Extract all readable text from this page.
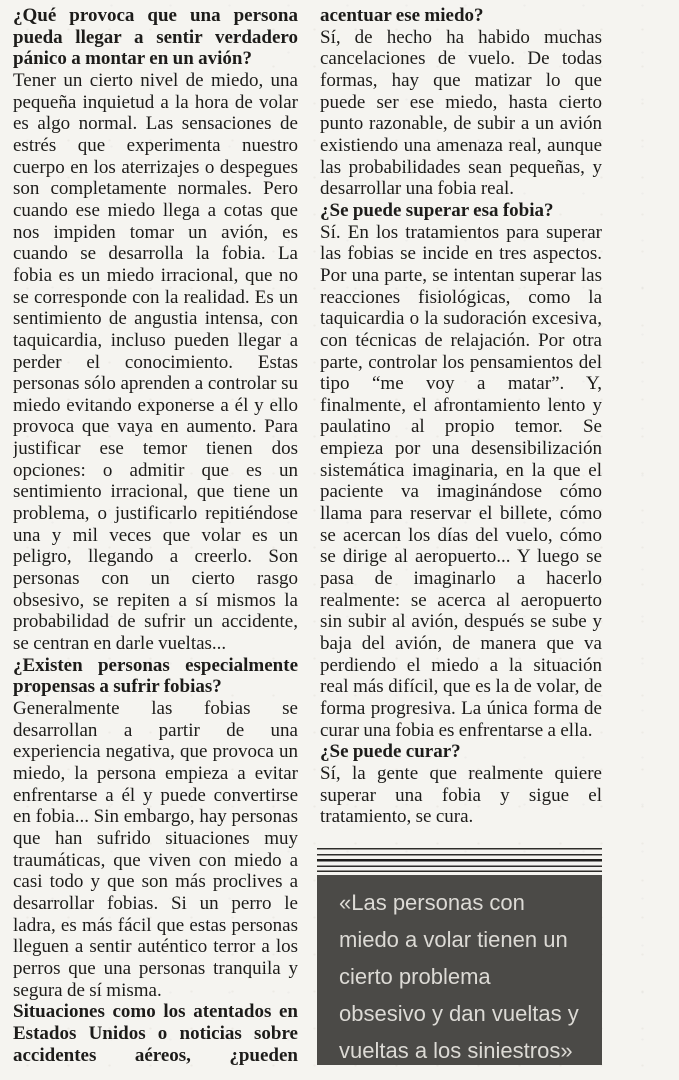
¿Qué provoca que una persona pueda llegar a sentir verdadero pánico a montar en un avión?

Tener un cierto nivel de miedo, una pequeña inquietud a la hora de volar es algo normal. Las sensaciones de estrés que experimenta nuestro cuerpo en los aterrizajes o despegues son completamente normales. Pero cuando ese miedo llega a cotas que nos impiden tomar un avión, es cuando se desarrolla la fobia. La fobia es un miedo irracional, que no se corresponde con la realidad. Es un sentimiento de angustia intensa, con taquicardia, incluso pueden llegar a perder el conocimiento. Estas personas sólo aprenden a controlar su miedo evitando exponerse a él y ello provoca que vaya en aumento. Para justificar ese temor tienen dos opciones: o admitir que es un sentimiento irracional, que tiene un problema, o justificarlo repitiéndose una y mil veces que volar es un peligro, llegando a creerlo. Son personas con un cierto rasgo obsesivo, se repiten a sí mismos la probabilidad de sufrir un accidente, se centran en darle vueltas...

¿Existen personas especialmente propensas a sufrir fobias?

Generalmente las fobias se desarrollan a partir de una experiencia negativa, que provoca un miedo, la persona empieza a evitar enfrentarse a él y puede convertirse en fobia... Sin embargo, hay personas que han sufrido situaciones muy traumáticas, que viven con miedo a casi todo y que son más proclives a desarrollar fobias. Si un perro le ladra, es más fácil que estas personas lleguen a sentir auténtico terror a los perros que una personas tranquila y segura de sí misma.

Situaciones como los atentados en Estados Unidos o noticias sobre accidentes aéreos, ¿pueden

acentuar ese miedo?

Sí, de hecho ha habido muchas cancelaciones de vuelo. De todas formas, hay que matizar lo que puede ser ese miedo, hasta cierto punto razonable, de subir a un avión existiendo una amenaza real, aunque las probabilidades sean pequeñas, y desarrollar una fobia real.

¿Se puede superar esa fobia?

Sí. En los tratamientos para superar las fobias se incide en tres aspectos. Por una parte, se intentan superar las reacciones fisiológicas, como la taquicardia o la sudoración excesiva, con técnicas de relajación. Por otra parte, controlar los pensamientos del tipo “me voy a matar”. Y, finalmente, el afrontamiento lento y paulatino al propio temor. Se empieza por una desensibilización sistemática imaginaria, en la que el paciente va imaginándose cómo llama para reservar el billete, cómo se acercan los días del vuelo, cómo se dirige al aeropuerto... Y luego se pasa de imaginarlo a hacerlo realmente: se acerca al aeropuerto sin subir al avión, después se sube y baja del avión, de manera que va perdiendo el miedo a la situación real más difícil, que es la de volar, de forma progresiva. La única forma de curar una fobia es enfrentarse a ella.

¿Se puede curar?

Sí, la gente que realmente quiere superar una fobia y sigue el tratamiento, se cura.

«Las personas con
miedo a volar tienen un
cierto problema
obsesivo y dan vueltas y
vueltas a los siniestros»
